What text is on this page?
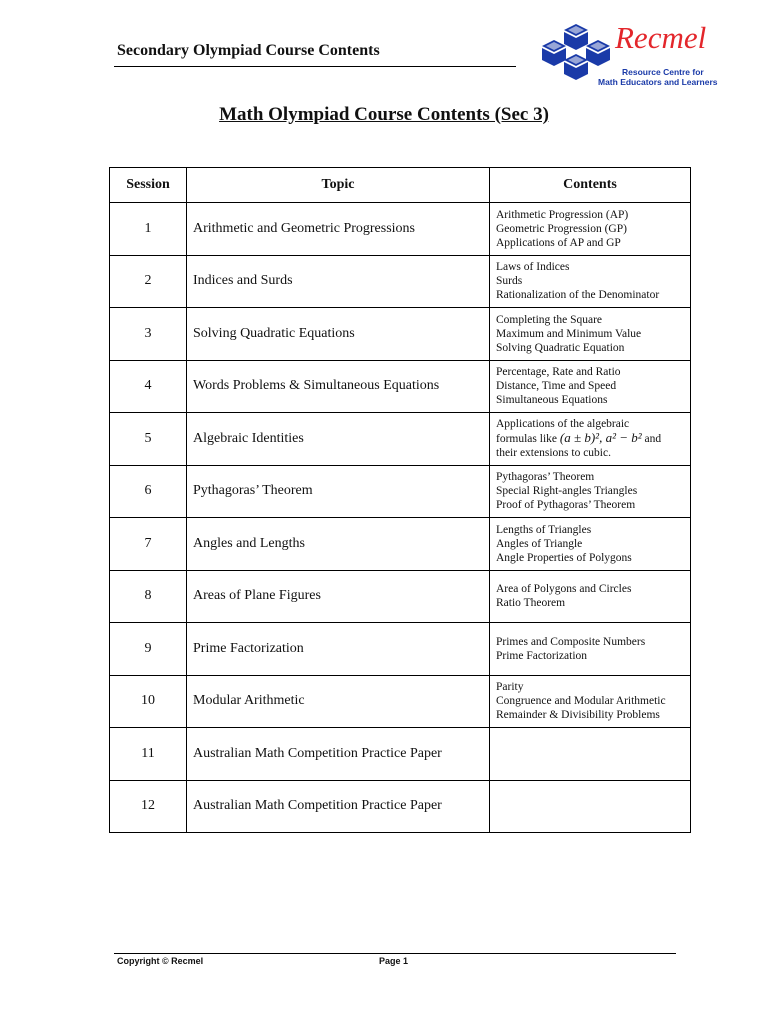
Secondary Olympiad Course Contents	Recmel
Resource Centre for
Math Educators and Learners
Math Olympiad Course Contents (Sec 3)
Session	Topic	Contents
1	Arithmetic and Geometric Progressions	Arithmetic Progression (AP)
Geometric Progression (GP)
Applications of AP and GP

2	Indices and Surds	Laws of Indices
Surds
Rationalization of the Denominator

3	Solving Quadratic Equations	Completing the Square
Maximum and Minimum Value
Solving Quadratic Equation

4	Words Problems & Simultaneous Equations	Percentage, Rate and Ratio
Distance, Time and Speed
Simultaneous Equations

5	Algebraic Identities	Applications of the algebraic
formulas like (a ± b)², a² − b² and
their extensions to cubic.

6	Pythagoras’ Theorem	Pythagoras’ Theorem
Special Right-angles Triangles
Proof of Pythagoras’ Theorem

7	Angles and Lengths	Lengths of Triangles
Angles of Triangle
Angle Properties of Polygons

8	Areas of Plane Figures	Area of Polygons and Circles
Ratio Theorem

9	Prime Factorization	Primes and Composite Numbers
Prime Factorization

10	Modular Arithmetic	Parity
Congruence and Modular Arithmetic
Remainder & Divisibility Problems

11	Australian Math Competition Practice Paper	
12	Australian Math Competition Practice Paper	
Copyright © Recmel	Page 1
